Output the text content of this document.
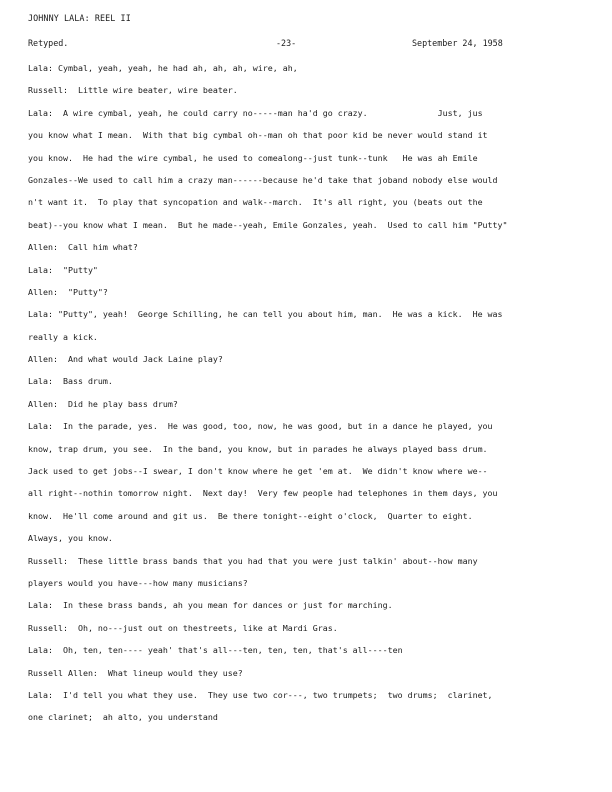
JOHNNY LALA: REEL II
Retyped.	-23-	September 24, 1958
Lala: Cymbal, yeah, yeah, he had ah, ah, ah, wire, ah,
Russell:  Little wire beater, wire beater.
Lala:  A wire cymbal, yeah, he could carry no-----man ha'd go crazy.              Just, jus
you know what I mean.  With that big cymbal oh--man oh that poor kid be never would stand it
you know.  He had the wire cymbal, he used to comealong--just tunk--tunk   He was ah Emile
Gonzales--We used to call him a crazy man------because he'd take that joband nobody else would
n't want it.  To play that syncopation and walk--march.  It's all right, you (beats out the
beat)--you know what I mean.  But he made--yeah, Emile Gonzales, yeah.  Used to call him "Putty"
Allen:  Call him what?
Lala:  "Putty"
Allen:  "Putty"?
Lala: "Putty", yeah!  George Schilling, he can tell you about him, man.  He was a kick.  He was
really a kick.
Allen:  And what would Jack Laine play?
Lala:  Bass drum.
Allen:  Did he play bass drum?
Lala:  In the parade, yes.  He was good, too, now, he was good, but in a dance he played, you
know, trap drum, you see.  In the band, you know, but in parades he always played bass drum.
Jack used to get jobs--I swear, I don't know where he get 'em at.  We didn't know where we--
all right--nothin tomorrow night.  Next day!  Very few people had telephones in them days, you
know.  He'll come around and git us.  Be there tonight--eight o'clock,  Quarter to eight.
Always, you know.
Russell:  These little brass bands that you had that you were just talkin' about--how many
players would you have---how many musicians?
Lala:  In these brass bands, ah you mean for dances or just for marching.
Russell:  Oh, no---just out on thestreets, like at Mardi Gras.
Lala:  Oh, ten, ten---- yeah' that's all---ten, ten, ten, that's all----ten
Russell Allen:  What lineup would they use?
Lala:  I'd tell you what they use.  They use two cor---, two trumpets;  two drums;  clarinet,
one clarinet;  ah alto, you understand
